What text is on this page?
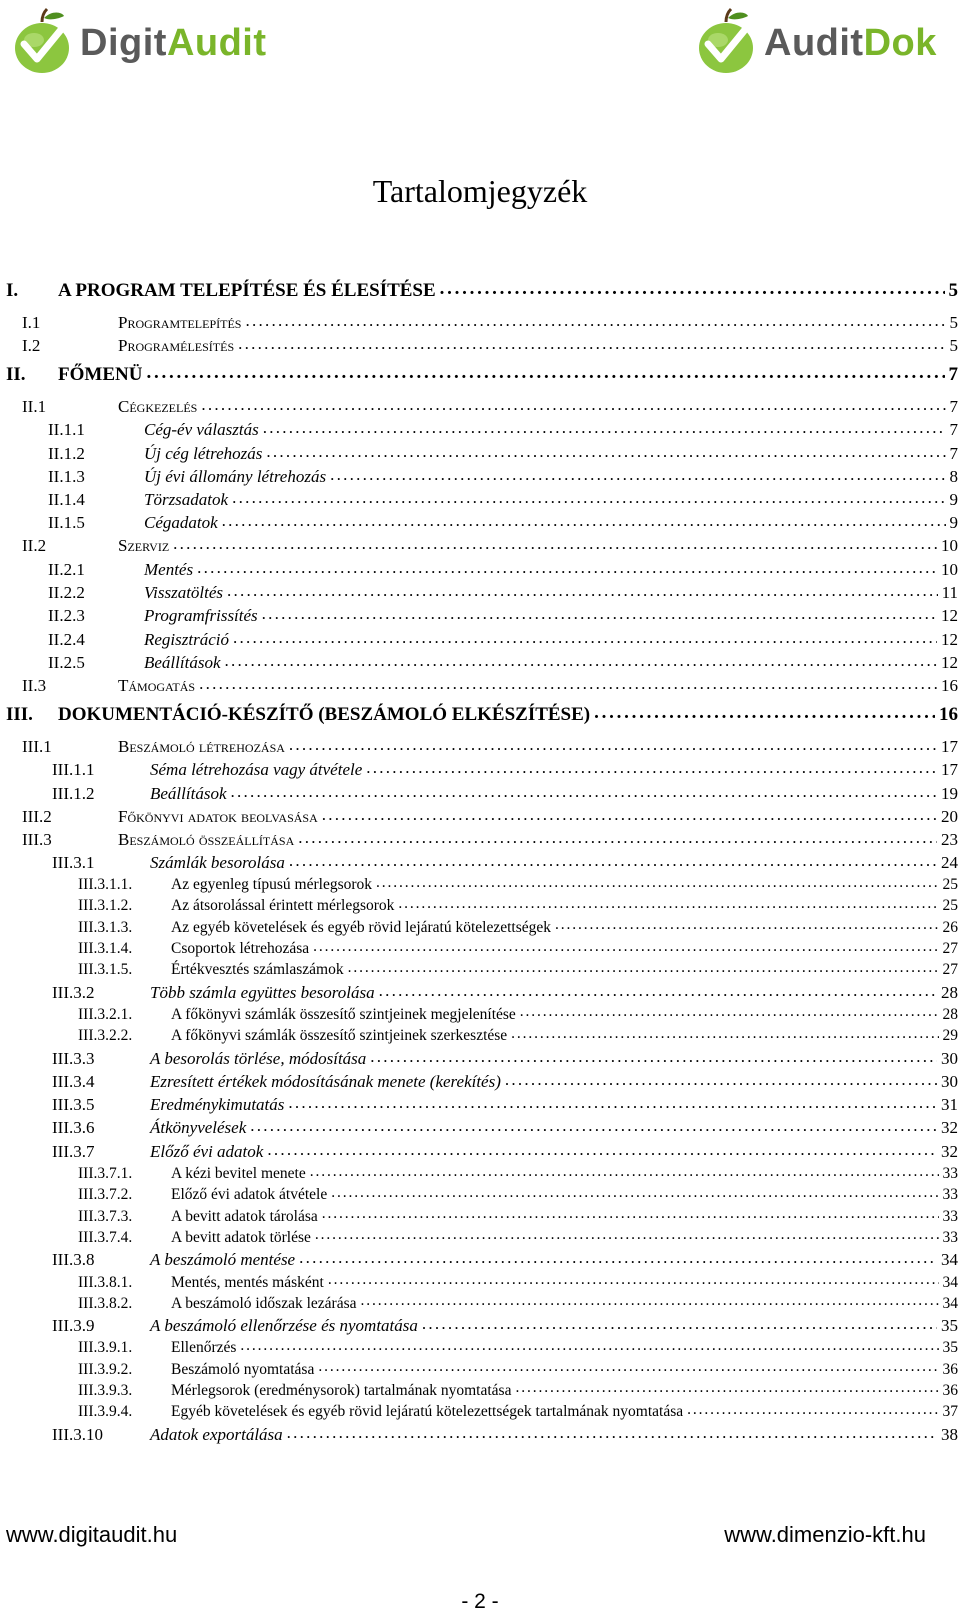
DigitAudit	AuditDok
Tartalomjegyzék
I.	A PROGRAM TELEPÍTÉSE ÉS ÉLESÍTÉSE . . .	5
I.1	Programtelepítés . . .	5
I.2	Programélesítés . . .	5
II.	FŐMENÜ . . .	7
II.1	Cégkezelés . . .	7
II.1.1	Cég-év választás . . .	7
II.1.2	Új cég létrehozás . . .	7
II.1.3	Új évi állomány létrehozás . . .	8
II.1.4	Törzsadatok . . .	9
II.1.5	Cégadatok . . .	9
II.2	Szerviz . . .	10
II.2.1	Mentés . . .	10
II.2.2	Visszatöltés . . .	11
II.2.3	Programfrissítés . . .	12
II.2.4	Regisztráció . . .	12
II.2.5	Beállítások . . .	12
II.3	Támogatás . . .	16
III.	DOKUMENTÁCIÓ-KÉSZÍTŐ (BESZÁMOLÓ ELKÉSZÍTÉSE) . . .	16
III.1	Beszámoló létrehozása . . .	17
III.1.1	Séma létrehozása vagy átvétele . . .	17
III.1.2	Beállítások . . .	19
III.2	Főkönyvi adatok beolvasása . . .	20
III.3	Beszámoló összeállítása . . .	23
III.3.1	Számlák besorolása . . .	24
III.3.1.1.	Az egyenleg típusú mérlegsorok . . .	25
III.3.1.2.	Az átsorolással érintett mérlegsorok . . .	25
III.3.1.3.	Az egyéb követelések és egyéb rövid lejáratú kötelezettségek . . .	26
III.3.1.4.	Csoportok létrehozása . . .	27
III.3.1.5.	Értékvesztés számlaszámok . . .	27
III.3.2	Több számla együttes besorolása . . .	28
III.3.2.1.	A főkönyvi számlák összesítő szintjeinek megjelenítése . . .	28
III.3.2.2.	A főkönyvi számlák összesítő szintjeinek szerkesztése . . .	29
III.3.3	A besorolás törlése, módosítása . . .	30
III.3.4	Ezresített értékek módosításának menete (kerekítés) . . .	30
III.3.5	Eredménykimutatás . . .	31
III.3.6	Átkönyvelések . . .	32
III.3.7	Előző évi adatok . . .	32
III.3.7.1.	A kézi bevitel menete . . .	33
III.3.7.2.	Előző évi adatok átvétele . . .	33
III.3.7.3.	A bevitt adatok tárolása . . .	33
III.3.7.4.	A bevitt adatok törlése . . .	33
III.3.8	A beszámoló mentése . . .	34
III.3.8.1.	Mentés, mentés másként . . .	34
III.3.8.2.	A beszámoló időszak lezárása . . .	34
III.3.9	A beszámoló ellenőrzése és nyomtatása . . .	35
III.3.9.1.	Ellenőrzés . . .	35
III.3.9.2.	Beszámoló nyomtatása . . .	36
III.3.9.3.	Mérlegsorok (eredménysorok) tartalmának nyomtatása . . .	36
III.3.9.4.	Egyéb követelések és egyéb rövid lejáratú kötelezettségek tartalmának nyomtatása . . .	37
III.3.10	Adatok exportálása . . .	38
www.digitaudit.hu	www.dimenzio-kft.hu
- 2 -
